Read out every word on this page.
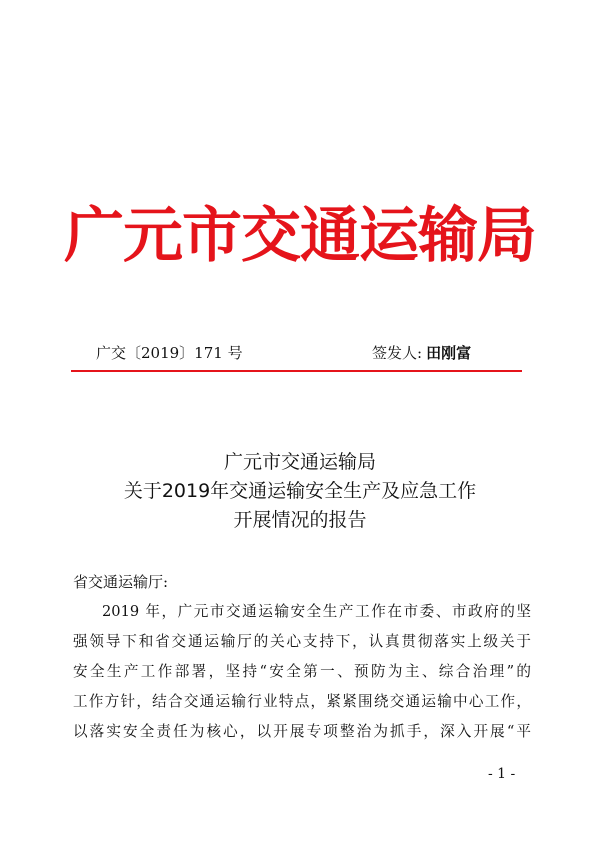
广元市交通运输局
广交〔2019〕171 号	签发人: 田刚富
广元市交通运输局
关于2019年交通运输安全生产及应急工作
开展情况的报告
省交通运输厅:
2019 年，广元市交通运输安全生产工作在市委、市政府的坚
强领导下和省交通运输厅的关心支持下，认真贯彻落实上级关于
安全生产工作部署，坚持“安全第一、预防为主、综合治理”的
工作方针，结合交通运输行业特点，紧紧围绕交通运输中心工作，
以落实安全责任为核心，以开展专项整治为抓手，深入开展“平
- 1 -
